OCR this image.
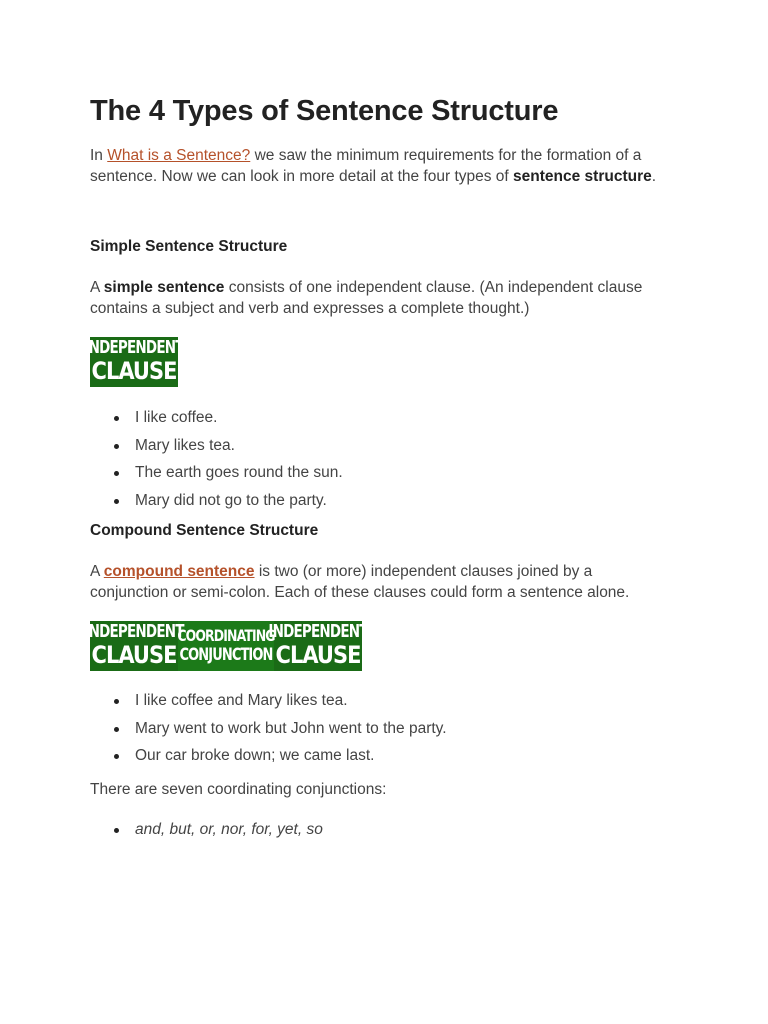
The 4 Types of Sentence Structure

In What is a Sentence? we saw the minimum requirements for the formation of a sentence. Now we can look in more detail at the four types of sentence structure.

Simple Sentence Structure

A simple sentence consists of one independent clause. (An independent clause contains a subject and verb and expresses a complete thought.)

INDEPENDENT
CLAUSE
I like coffee.
Mary likes tea.
The earth goes round the sun.
Mary did not go to the party.
Compound Sentence Structure

A compound sentence is two (or more) independent clauses joined by a conjunction or semi-colon. Each of these clauses could form a sentence alone.

INDEPENDENT
CLAUSE
COORDINATING
CONJUNCTION
INDEPENDENT
CLAUSE
I like coffee and Mary likes tea.
Mary went to work but John went to the party.
Our car broke down; we came last.

There are seven coordinating conjunctions:

and, but, or, nor, for, yet, so
